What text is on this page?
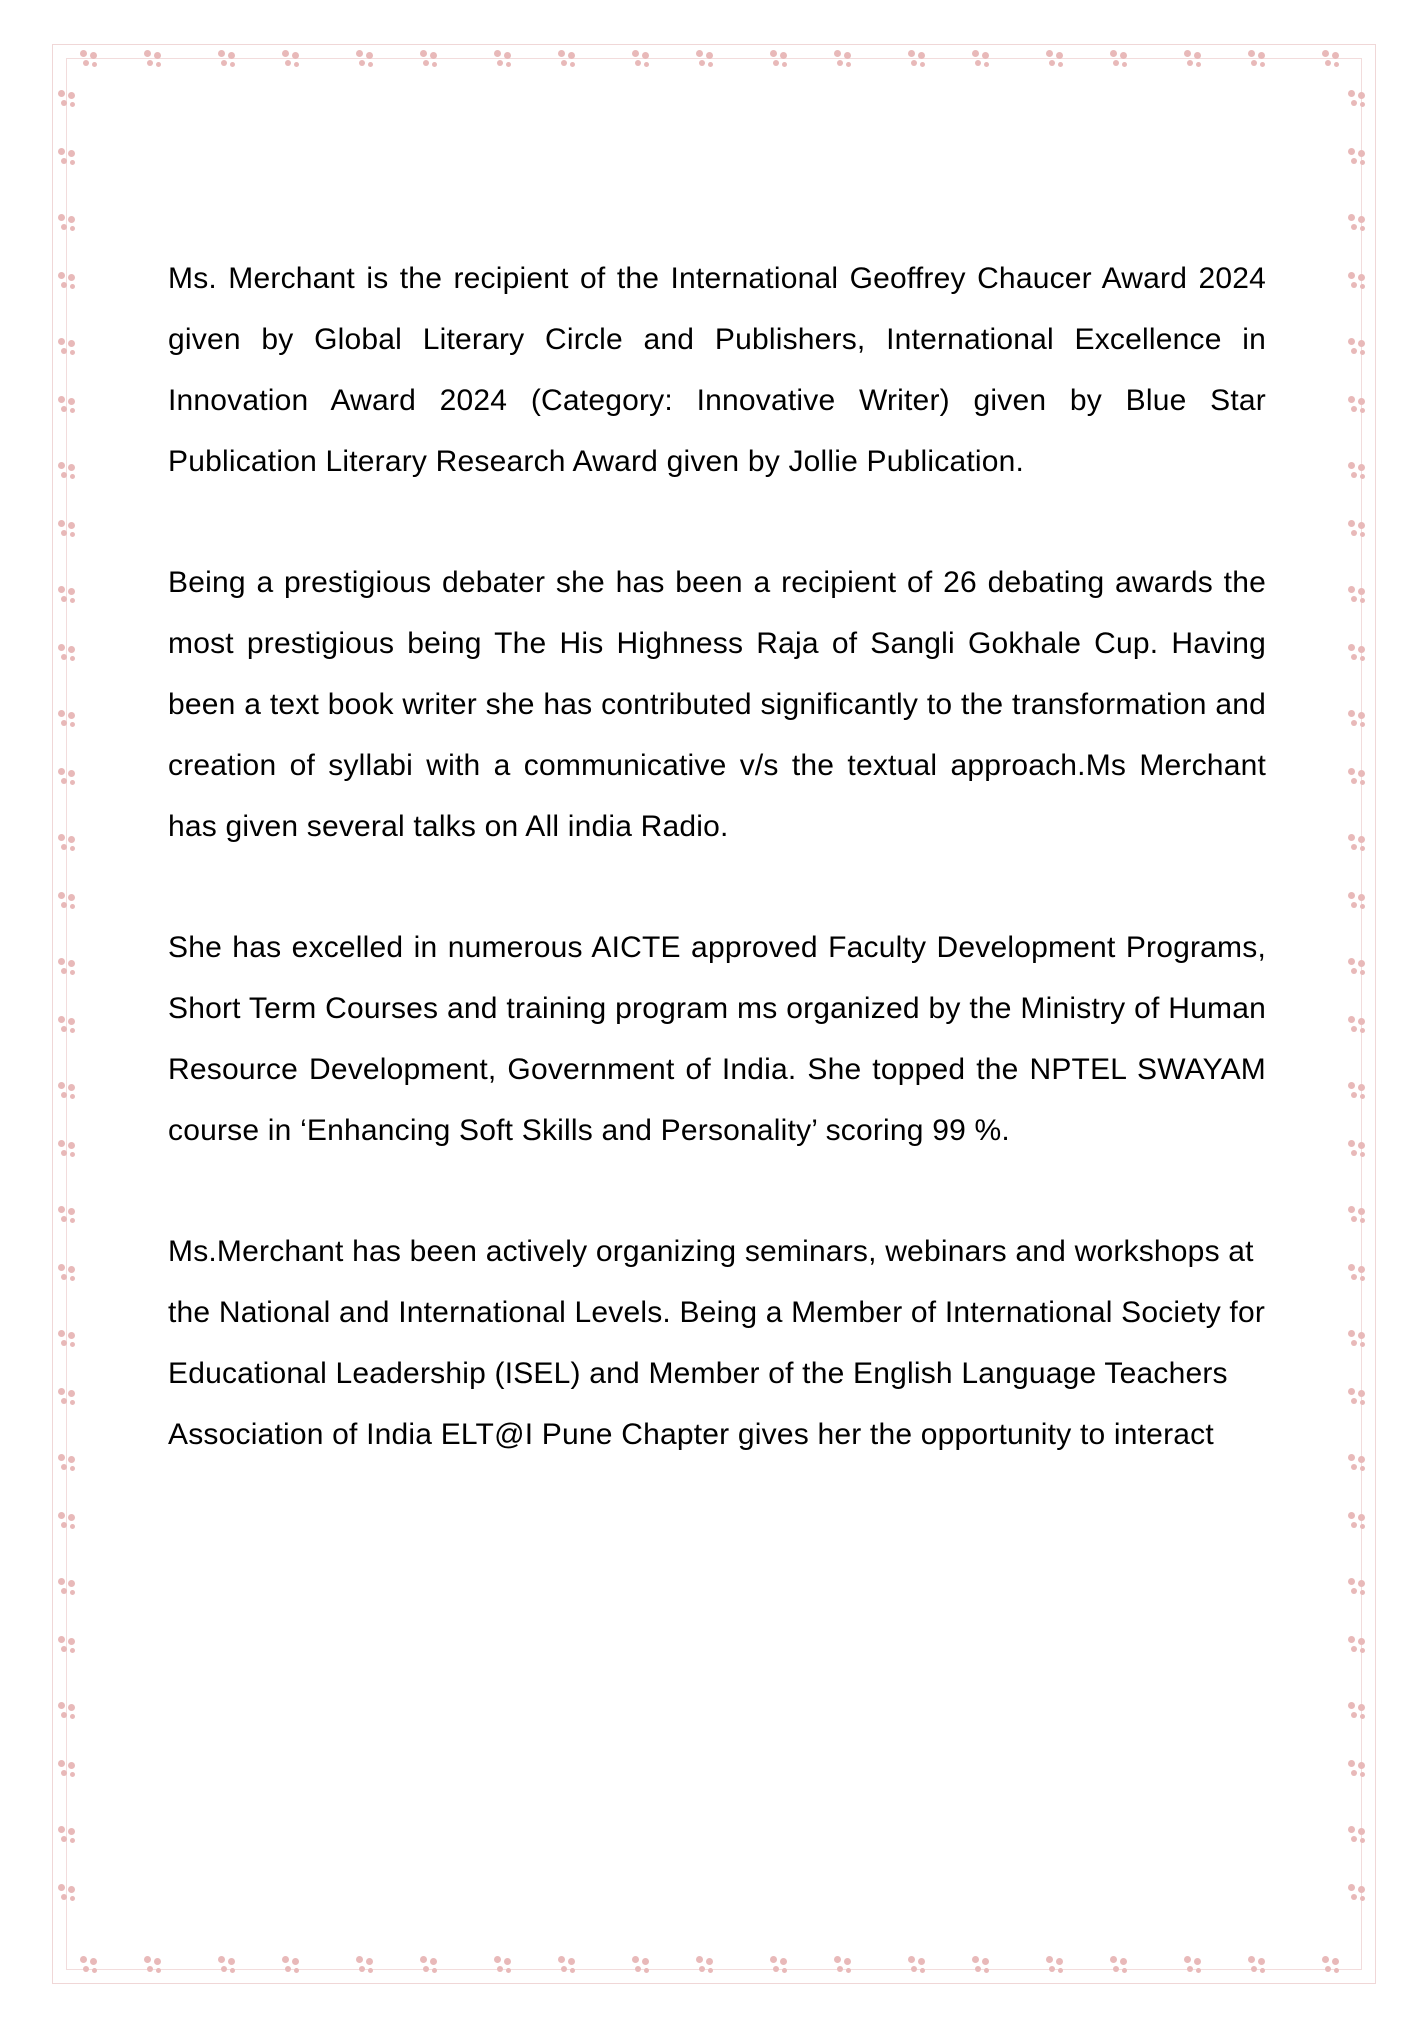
Ms. Merchant is the recipient of the International Geoffrey Chaucer Award 2024 given by Global Literary Circle and Publishers, International Excellence in Innovation Award 2024 (Category: Innovative Writer) given by Blue Star Publication Literary Research Award given by Jollie Publication.

Being a prestigious debater she has been a recipient of 26 debating awards the most prestigious being The His Highness Raja of Sangli Gokhale Cup. Having been a text book writer she has contributed significantly to the transformation and creation of syllabi with a communicative v/s the textual approach.Ms Merchant has given several talks on All india Radio.

She has excelled in numerous AICTE approved Faculty Development Programs, Short Term Courses and training program ms organized by the Ministry of Human Resource Development, Government of India. She topped the NPTEL SWAYAM course in ‘Enhancing Soft Skills and Personality’ scoring 99 %.

Ms.Merchant has been actively organizing seminars, webinars and workshops at the National and International Levels. Being a Member of International Society for Educational Leadership (ISEL) and Member of the English Language Teachers Association of India ELT@I Pune Chapter gives her the opportunity to interact
